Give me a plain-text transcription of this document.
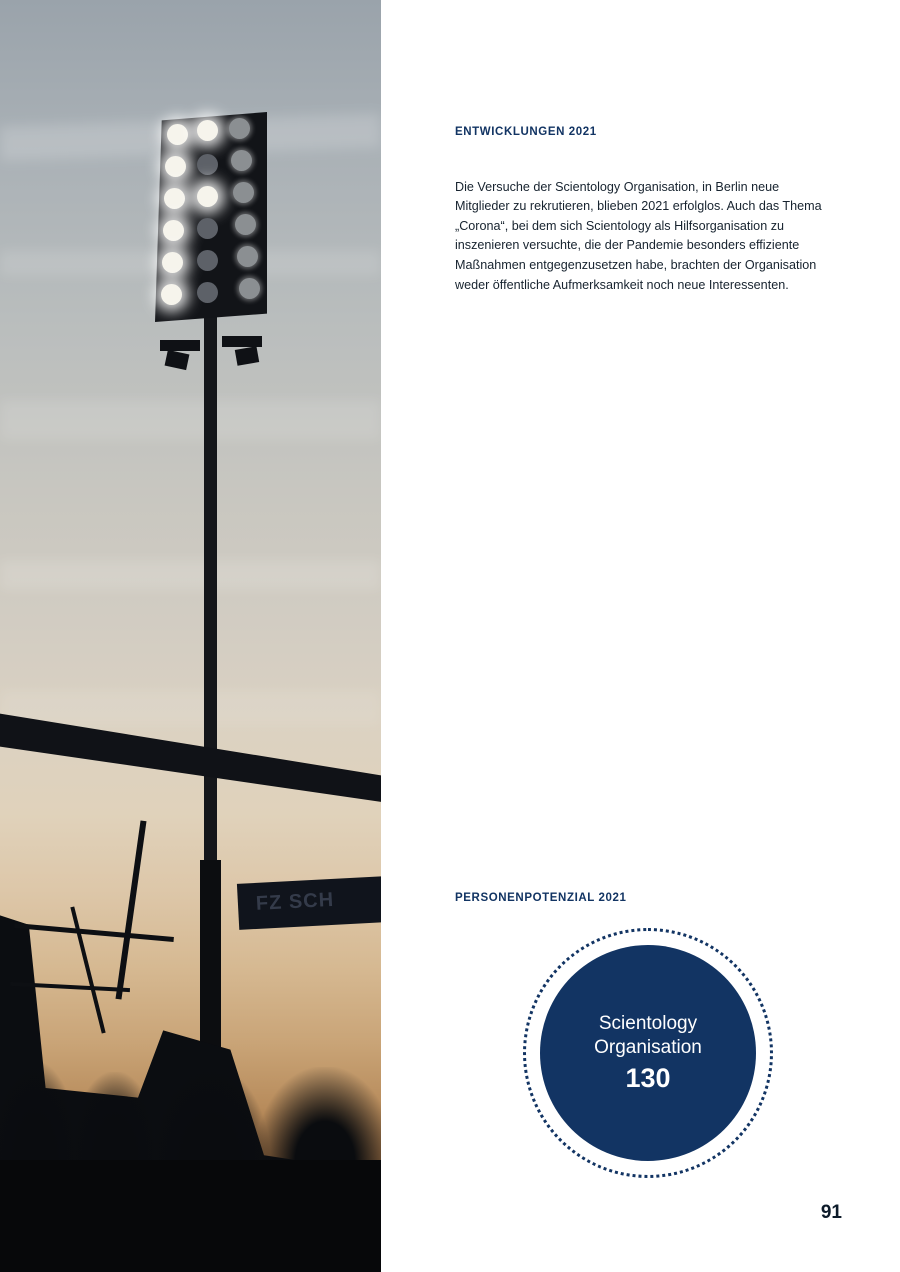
FZ SCH
ENTWICKLUNGEN 2021

Die Versuche der Scientology Organisation, in Berlin neue Mitglieder zu rekrutieren, blieben 2021 erfolglos. Auch das Thema „Corona“, bei dem sich Scientology als Hilfsorganisation zu inszenieren versuchte, die der Pandemie besonders effiziente Maßnahmen entgegenzusetzen habe, brachten der Organisation weder öffentliche Aufmerksamkeit noch neue Interessenten.

PERSONENPOTENZIAL 2021
Scientology
Organisation
130
91
